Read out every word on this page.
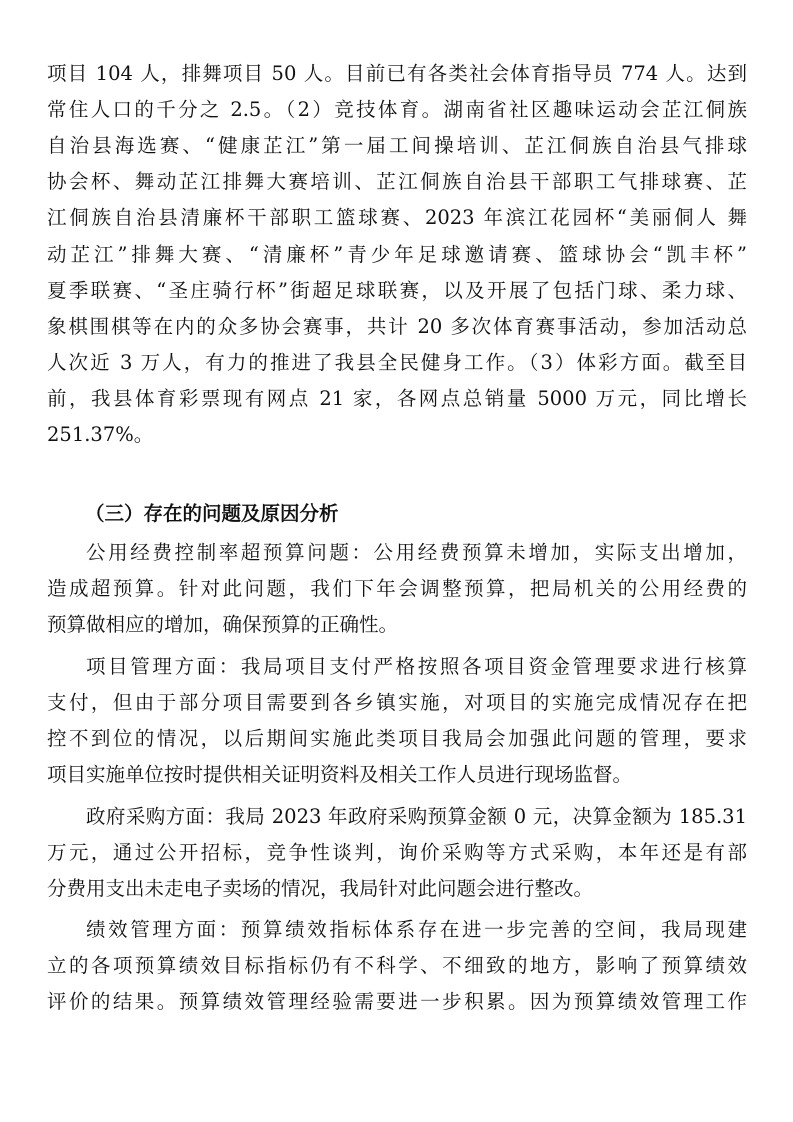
项目 104 人，排舞项目 50 人。目前已有各类社会体育指导员 774 人。达到
常住人口的千分之 2.5。（2）竞技体育。湖南省社区趣味运动会芷江侗族
自治县海选赛、“健康芷江”第一届工间操培训、芷江侗族自治县气排球
协会杯、舞动芷江排舞大赛培训、芷江侗族自治县干部职工气排球赛、芷
江侗族自治县清廉杯干部职工篮球赛、2023 年滨江花园杯“美丽侗人 舞
动芷江”排舞大赛、“清廉杯”青少年足球邀请赛、篮球协会“凯丰杯”
夏季联赛、“圣庄骑行杯”街超足球联赛，以及开展了包括门球、柔力球、
象棋围棋等在内的众多协会赛事，共计 20 多次体育赛事活动，参加活动总
人次近 3 万人，有力的推进了我县全民健身工作。（3）体彩方面。截至目
前，我县体育彩票现有网点 21 家，各网点总销量 5000 万元，同比增长
251.37%。
（三）存在的问题及原因分析
公用经费控制率超预算问题：公用经费预算未增加，实际支出增加，
造成超预算。针对此问题，我们下年会调整预算，把局机关的公用经费的
预算做相应的增加，确保预算的正确性。
项目管理方面：我局项目支付严格按照各项目资金管理要求进行核算
支付，但由于部分项目需要到各乡镇实施，对项目的实施完成情况存在把
控不到位的情况，以后期间实施此类项目我局会加强此问题的管理，要求
项目实施单位按时提供相关证明资料及相关工作人员进行现场监督。
政府采购方面：我局 2023 年政府采购预算金额 0 元，决算金额为 185.31
万元，通过公开招标，竞争性谈判，询价采购等方式采购，本年还是有部
分费用支出未走电子卖场的情况，我局针对此问题会进行整改。
绩效管理方面：预算绩效指标体系存在进一步完善的空间，我局现建
立的各项预算绩效目标指标仍有不科学、不细致的地方，影响了预算绩效
评价的结果。预算绩效管理经验需要进一步积累。因为预算绩效管理工作
